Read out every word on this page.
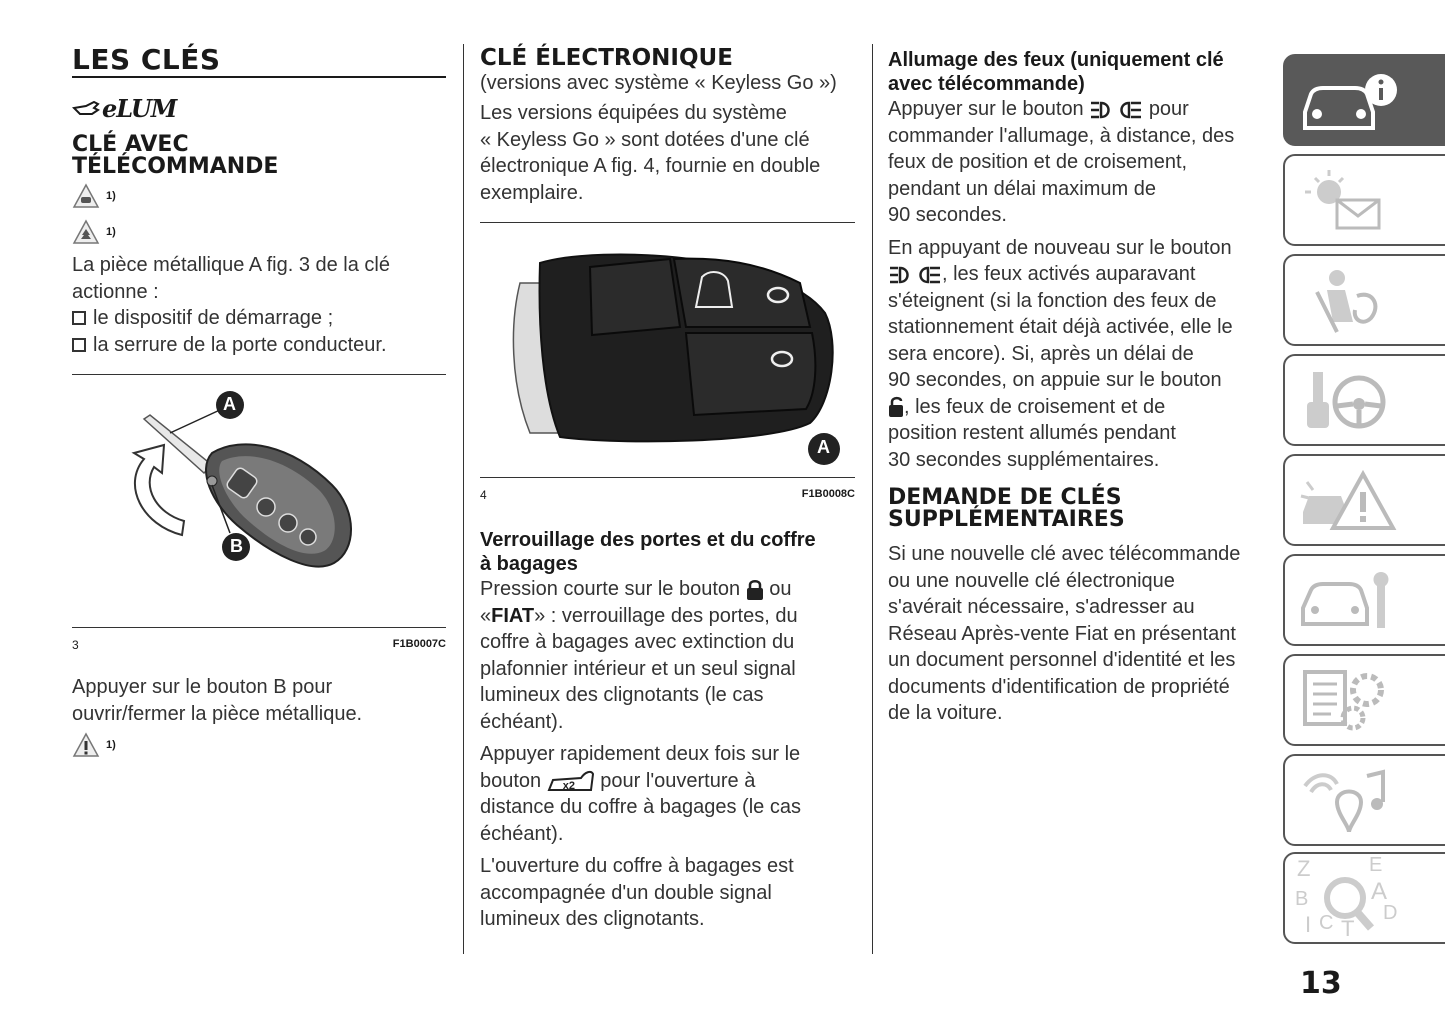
LES CLÉS
eLUM
CLÉ AVEC
TÉLÉCOMMANDE
1)
1)

La pièce métallique A fig. 3 de la clé
actionne :

le dispositif de démarrage ;
la serrure de la porte conducteur.
A
B
3	F1B0007C

Appuyer sur le bouton B pour
ouvrir/fermer la pièce métallique.

1)
CLÉ ÉLECTRONIQUE

(versions avec système « Keyless Go »)

Les versions équipées du système
« Keyless Go » sont dotées d'une clé
électronique A fig. 4, fournie en double
exemplaire.

A
4	F1B0008C
Verrouillage des portes et du coffre
à bagages

Pression courte sur le bouton ou
«FIAT» : verrouillage des portes, du
coffre à bagages avec extinction du
plafonnier intérieur et un seul signal
lumineux des clignotants (le cas
échéant).

Appuyer rapidement deux fois sur le
bouton x2 pour l'ouverture à
distance du coffre à bagages (le cas
échéant).

L'ouverture du coffre à bagages est
accompagnée d'un double signal
lumineux des clignotants.

Allumage des feux (uniquement clé
avec télécommande)

Appuyer sur le bouton	pour
commander l'allumage, à distance, des
feux de position et de croisement,
pendant un délai maximum de
90 secondes.

En appuyant de nouveau sur le bouton
, les feux activés auparavant
s'éteignent (si la fonction des feux de
stationnement était déjà activée, elle le
sera encore). Si, après un délai de
90 secondes, on appuie sur le bouton
, les feux de croisement et de
position restent allumés pendant
30 secondes supplémentaires.

DEMANDE DE CLÉS
SUPPLÉMENTAIRES

Si une nouvelle clé avec télécommande
ou une nouvelle clé électronique
s'avérait nécessaire, s'adresser au
Réseau Après-vente Fiat en présentant
un document personnel d'identité et les
documents d'identification de propriété
de la voiture.

Z	E
B	A
I C T
D
13
